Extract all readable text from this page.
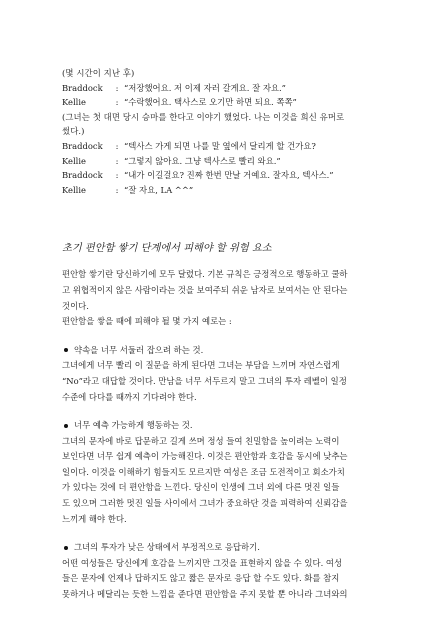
(몇 시간이 지난 후)
Braddock	: “저장했어요. 저 이제 자러 갈게요. 잘 자요.”
Kellie	: “수락했어요. 택사스로 오기만 하면 되요. 쪽쪽”
(그녀는 첫 대면 당시 승마를 한다고 이야기 했었다. 나는 이것을 희신 유머로
썼다.)
Braddock	: “텍사스 가게 되면 나를 말 옆에서 달리게 할 건가요?
Kellie	: “그렇지 않아요. 그냥 텍사스로 빨리 와요.”
Braddock	: “내가 이길걸요? 진짜 한번 만날 거예요. 잘자요, 텍사스.”
Kellie	: “잘 자요, LA ^^”
초기 편안함 쌓기 단계에서 피해야 할 위험 요소
편안함 쌓기란 당신하기에 모두 달렸다. 기본 규칙은 긍정적으로 행동하고 쿨하
고 위협적이지 않은 사람이라는 것을 보여주되 쉬운 남자로 보여서는 안 된다는
것이다.
편안함을 쌓을 때에 피해야 될 몇 가지 예로는 :
약속을 너무 서둘러 잡으려 하는 것.
그녀에게 너무 빨리 이 질문을 하게 된다면 그녀는 부담을 느끼며 자연스럽게
“No”라고 대답할 것이다. 만남을 너무 서두르지 말고 그녀의 투자 레벨이 일정
수준에 다다를 때까지 기다려야 한다.
너무 예측 가능하게 행동하는 것.
그녀의 문자에 바로 답문하고 길게 쓰며 정성 들여 친밀함을 높이려는 노력이
보인다면 너무 쉽게 예측이 가능해진다. 이것은 편안함과 호감을 동시에 낮추는
일이다. 이것을 이해하기 힘들지도 모르지만 여성은 조금 도전적이고 회소가치
가 있다는 것에 더 편안함을 느낀다. 당신이 인생에 그녀 외에 다른 멋진 일들
도 있으며 그러한 멋진 일들 사이에서 그녀가 중요하단 것을 피력하여 신뢰감을
느끼게 해야 한다.
그녀의 투자가 낮은 상태에서 부정적으로 응답하기.
어떤 여성들은 당신에게 호감을 느끼지만 그것을 표현하지 않을 수 있다. 여성
들은 문자에 언제나 답하지도 않고 짧은 문자로 응답 할 수도 있다. 화를 참지
못하거나 메달리는 듯한 느낌을 준다면 편안함을 주지 못할 뿐 아니라 그녀와의
